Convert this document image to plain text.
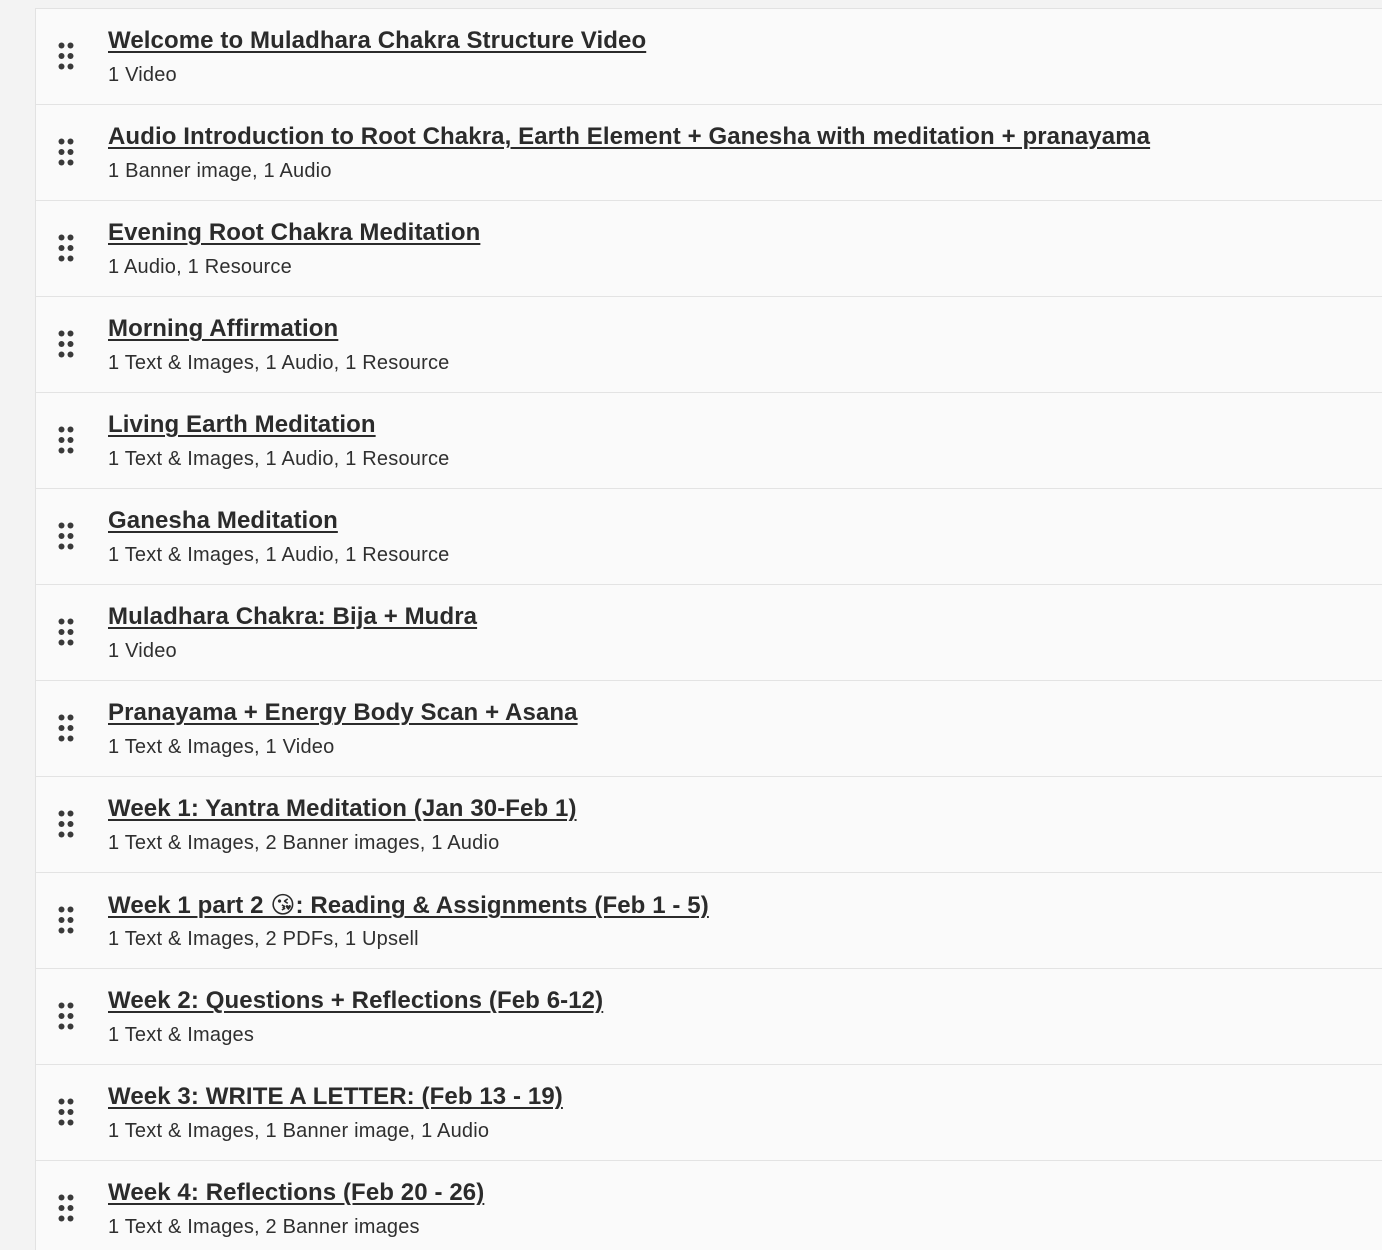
Welcome to Muladhara Chakra Structure Video
1 Video
Audio Introduction to Root Chakra, Earth Element + Ganesha with meditation + pranayama
1 Banner image, 1 Audio
Evening Root Chakra Meditation
1 Audio, 1 Resource
Morning Affirmation
1 Text & Images, 1 Audio, 1 Resource
Living Earth Meditation
1 Text & Images, 1 Audio, 1 Resource
Ganesha Meditation
1 Text & Images, 1 Audio, 1 Resource
Muladhara Chakra: Bija + Mudra
1 Video
Pranayama + Energy Body Scan + Asana
1 Text & Images, 1 Video
Week 1: Yantra Meditation (Jan 30-Feb 1)
1 Text & Images, 2 Banner images, 1 Audio
Week 1 part 2 😘: Reading & Assignments (Feb 1 - 5)
1 Text & Images, 2 PDFs, 1 Upsell
Week 2: Questions + Reflections (Feb 6-12)
1 Text & Images
Week 3: WRITE A LETTER: (Feb 13 - 19)
1 Text & Images, 1 Banner image, 1 Audio
Week 4: Reflections (Feb 20 - 26)
1 Text & Images, 2 Banner images
